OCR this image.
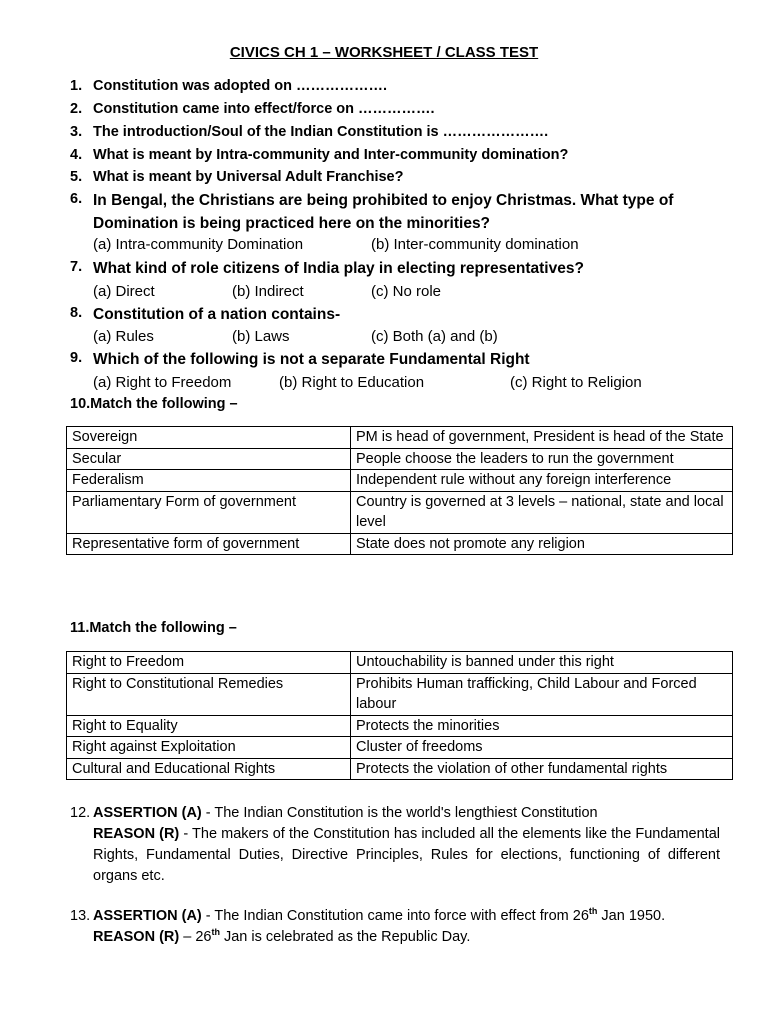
CIVICS CH 1 – WORKSHEET / CLASS TEST
1. Constitution was adopted on ……………….
2. Constitution came into effect/force on …………….
3. The introduction/Soul of the Indian Constitution is ………………….
4. What is meant by Intra-community and Inter-community domination?
5. What is meant by Universal Adult Franchise?
6. In Bengal, the Christians are being prohibited to enjoy Christmas. What type of Domination is being practiced here on the minorities?
(a) Intra-community Domination	(b) Inter-community domination
7. What kind of role citizens of India play in electing representatives?
(a) Direct	(b) Indirect	(c) No role
8. Constitution of a nation contains-
(a) Rules	(b) Laws	(c) Both (a) and (b)
9. Which of the following is not a separate Fundamental Right
(a) Right to Freedom	(b) Right to Education	(c) Right to Religion
10.Match the following –
Sovereign	PM is head of government, President is head of the State
Secular	People choose the leaders to run the government
Federalism	Independent rule without any foreign interference
Parliamentary Form of government	Country is governed at 3 levels – national, state and local level
Representative form of government	State does not promote any religion
11.Match the following –
Right to Freedom	Untouchability is banned under this right
Right to Constitutional Remedies	Prohibits Human trafficking, Child Labour and Forced labour
Right to Equality	Protects the minorities
Right against Exploitation	Cluster of freedoms
Cultural and Educational Rights	Protects the violation of other fundamental rights
12. ASSERTION (A) - The Indian Constitution is the world's lengthiest Constitution
REASON (R) - The makers of the Constitution has included all the elements like the Fundamental Rights, Fundamental Duties, Directive Principles, Rules for elections, functioning of different organs etc.
13. ASSERTION (A) - The Indian Constitution came into force with effect from 26th Jan 1950.
REASON (R) – 26th Jan is celebrated as the Republic Day.
